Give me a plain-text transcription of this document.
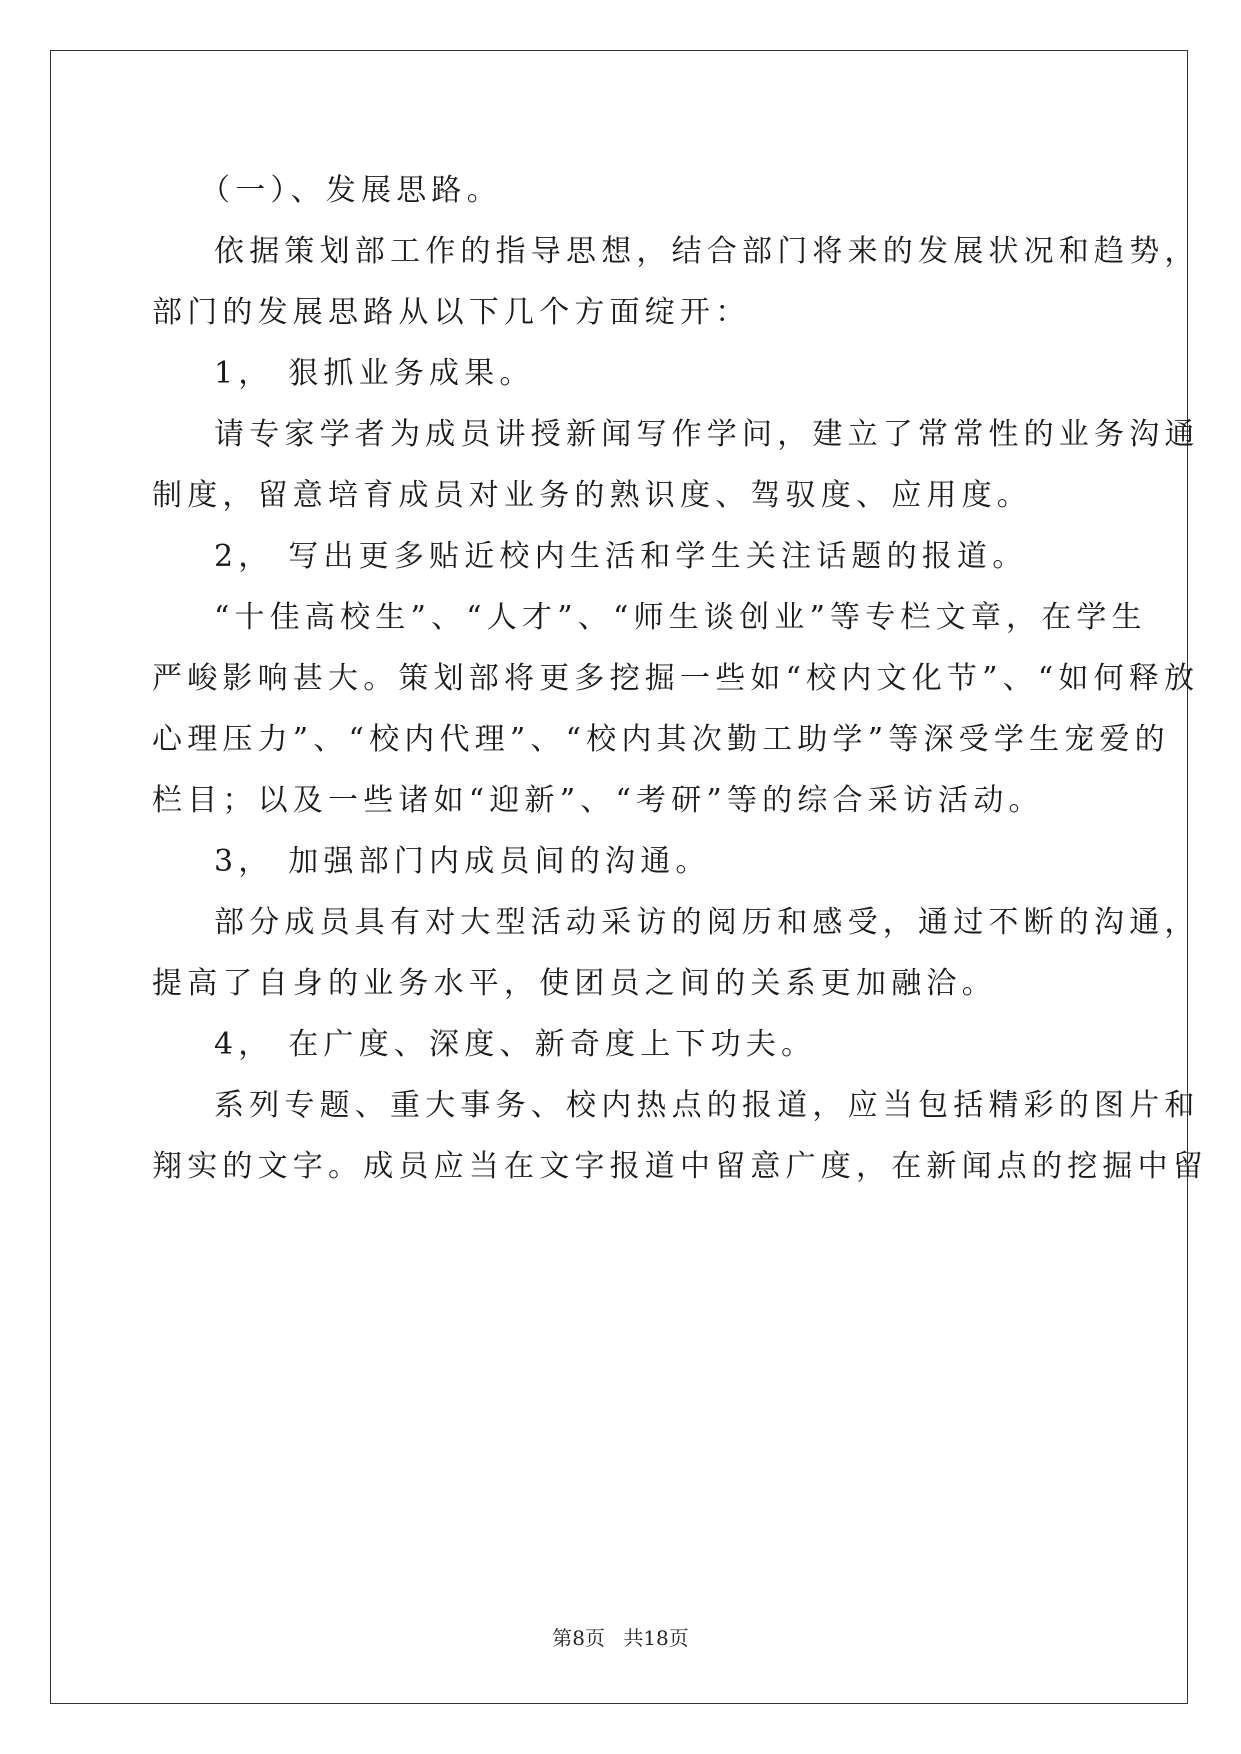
（一）、发展思路。

依据策划部工作的指导思想，结合部门将来的发展状况和趋势，

部门的发展思路从以下几个方面绽开：

1， 狠抓业务成果。

请专家学者为成员讲授新闻写作学问，建立了常常性的业务沟通

制度，留意培育成员对业务的熟识度、驾驭度、应用度。

2， 写出更多贴近校内生活和学生关注话题的报道。

“十佳高校生”、“人才”、“师生谈创业”等专栏文章，在学生

严峻影响甚大。策划部将更多挖掘一些如“校内文化节”、“如何释放

心理压力”、“校内代理”、“校内其次勤工助学”等深受学生宠爱的

栏目；以及一些诸如“迎新”、“考研”等的综合采访活动。

3， 加强部门内成员间的沟通。

部分成员具有对大型活动采访的阅历和感受，通过不断的沟通，

提高了自身的业务水平，使团员之间的关系更加融洽。

4， 在广度、深度、新奇度上下功夫。

系列专题、重大事务、校内热点的报道，应当包括精彩的图片和

翔实的文字。成员应当在文字报道中留意广度，在新闻点的挖掘中留

第8页 共18页
